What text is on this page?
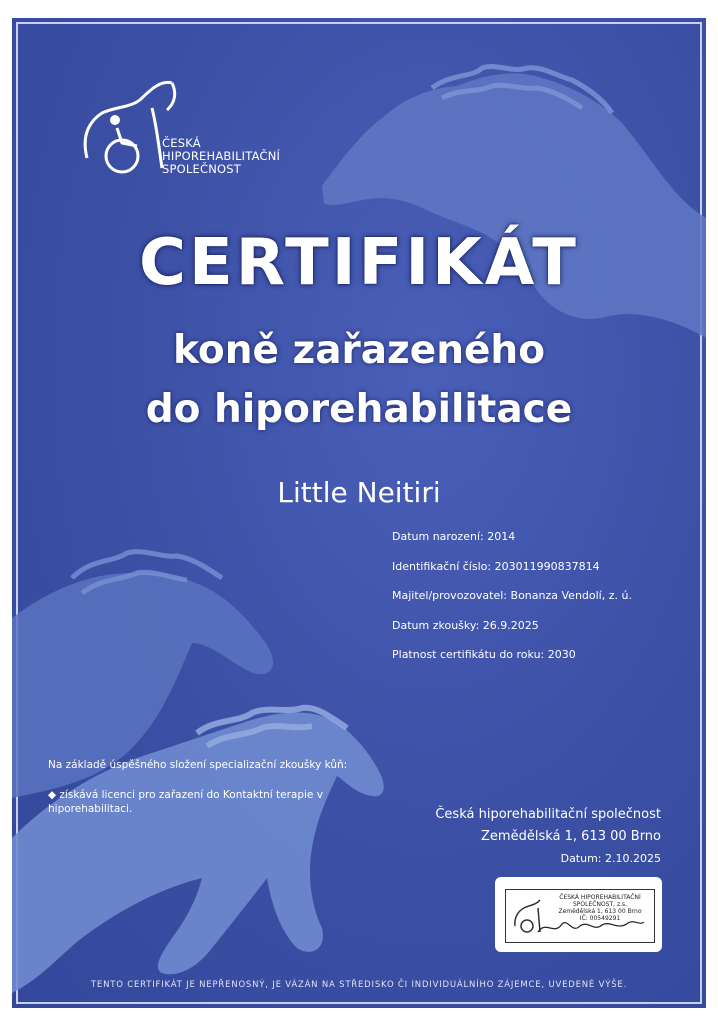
ČESKÁ
HIPOREHABILITAČNÍ
SPOLEČNOST
CERTIFIKÁT
koně zařazeného
do hiporehabilitace
Little Neitiri
Datum narození: 2014
Identifikační číslo: 203011990837814
Majitel/provozovatel: Bonanza Vendolí, z. ú.
Datum zkoušky: 26.9.2025
Platnost certifikátu do roku: 2030
Na základě úspěšného složení specializační zkoušky kůň:
◆ získává licenci pro zařazení do Kontaktní terapie v hiporehabilitaci.	Česká hiporehabilitační společnost
Zemědělská 1, 613 00 Brno
Datum: 2.10.2025
ČESKÁ HIPOREHABILITAČNÍ
SPOLEČNOST, z.s.
Zemědělská 1, 613 00 Brno
IČ: 00549291
TENTO CERTIFIKÁT JE NEPŘENOSNÝ, JE VÁZÁN NA STŘEDISKO ČI INDIVIDUÁLNÍHO ZÁJEMCE, UVEDENÉ VÝŠE.
